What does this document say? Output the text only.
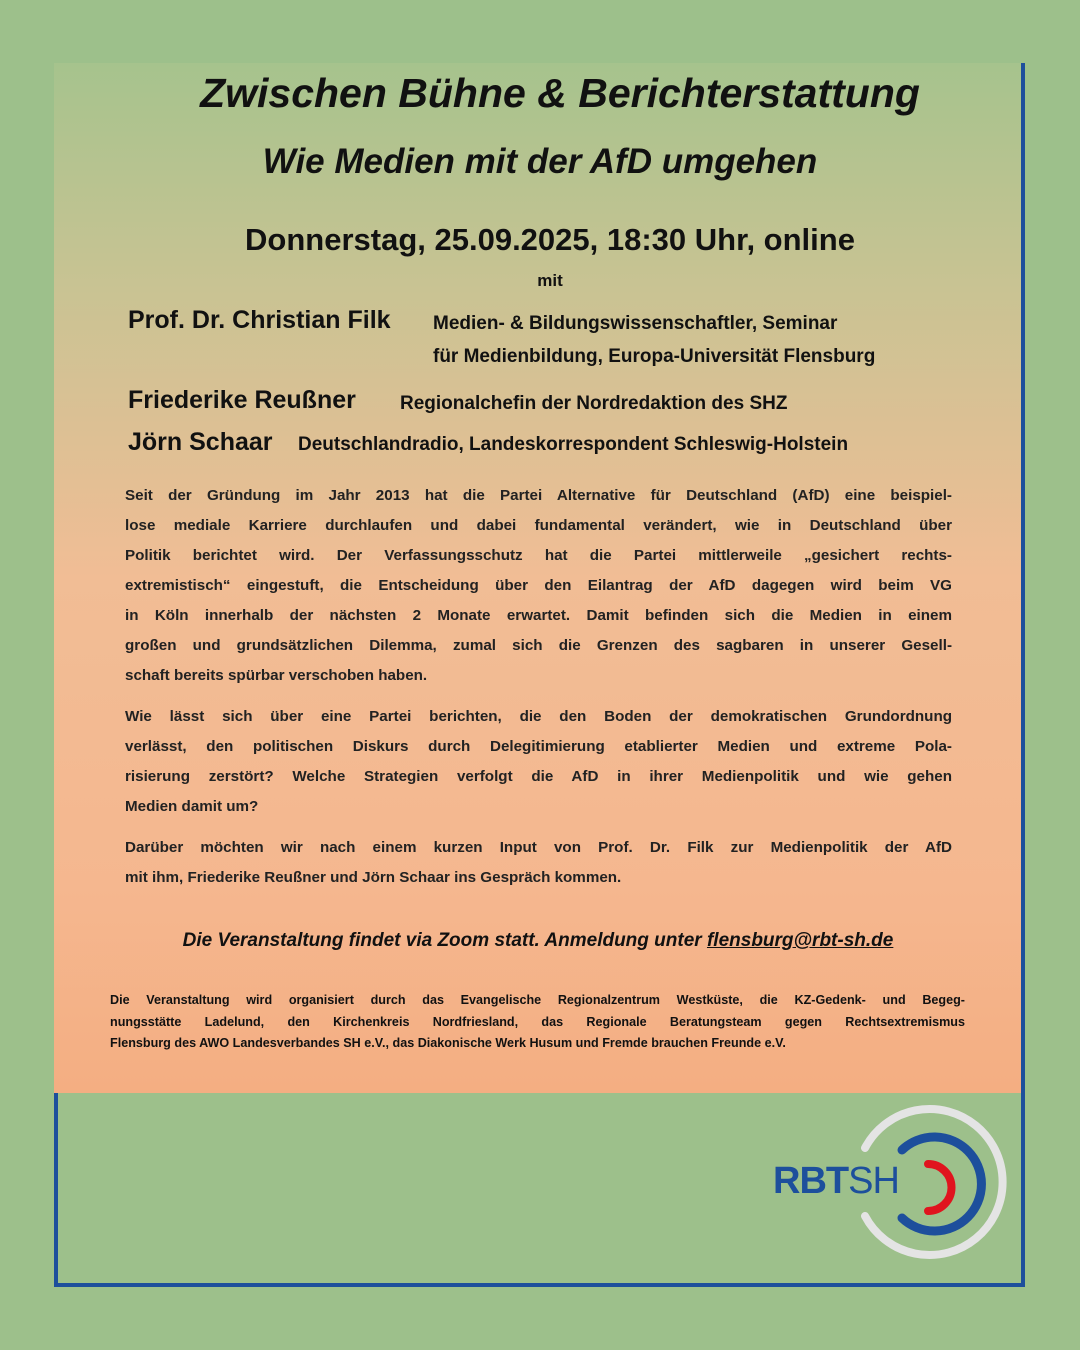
Zwischen Bühne & Berichterstattung
Wie Medien mit der AfD umgehen
Donnerstag, 25.09.2025, 18:30 Uhr, online
mit
Prof. Dr. Christian Filk Medien- & Bildungswissenschaftler, Seminar
für Medienbildung, Europa-Universität Flensburg
Friederike Reußner Regionalchefin der Nordredaktion des SHZ
Jörn Schaar Deutschlandradio, Landeskorrespondent Schleswig-Holstein
Seit der Gründung im Jahr 2013 hat die Partei Alternative für Deutschland (AfD) eine beispiel-
lose mediale Karriere durchlaufen und dabei fundamental verändert, wie in Deutschland über
Politik berichtet wird. Der Verfassungsschutz hat die Partei mittlerweile „gesichert rechts-
extremistisch“ eingestuft, die Entscheidung über den Eilantrag der AfD dagegen wird beim VG
in Köln innerhalb der nächsten 2 Monate erwartet. Damit befinden sich die Medien in einem
großen und grundsätzlichen Dilemma, zumal sich die Grenzen des sagbaren in unserer Gesell-
schaft bereits spürbar verschoben haben.
Wie lässt sich über eine Partei berichten, die den Boden der demokratischen Grundordnung
verlässt, den politischen Diskurs durch Delegitimierung etablierter Medien und extreme Pola-
risierung zerstört? Welche Strategien verfolgt die AfD in ihrer Medienpolitik und wie gehen
Medien damit um?
Darüber möchten wir nach einem kurzen Input von Prof. Dr. Filk zur Medienpolitik der AfD
mit ihm, Friederike Reußner und Jörn Schaar ins Gespräch kommen.
Die Veranstaltung findet via Zoom statt. Anmeldung unter flensburg@rbt-sh.de
Die Veranstaltung wird organisiert durch das Evangelische Regionalzentrum Westküste, die KZ-Gedenk- und Begeg-
nungsstätte Ladelund, den Kirchenkreis Nordfriesland, das Regionale Beratungsteam gegen Rechtsextremismus
Flensburg des AWO Landesverbandes SH e.V., das Diakonische Werk Husum und Fremde brauchen Freunde e.V.
RBTSH
